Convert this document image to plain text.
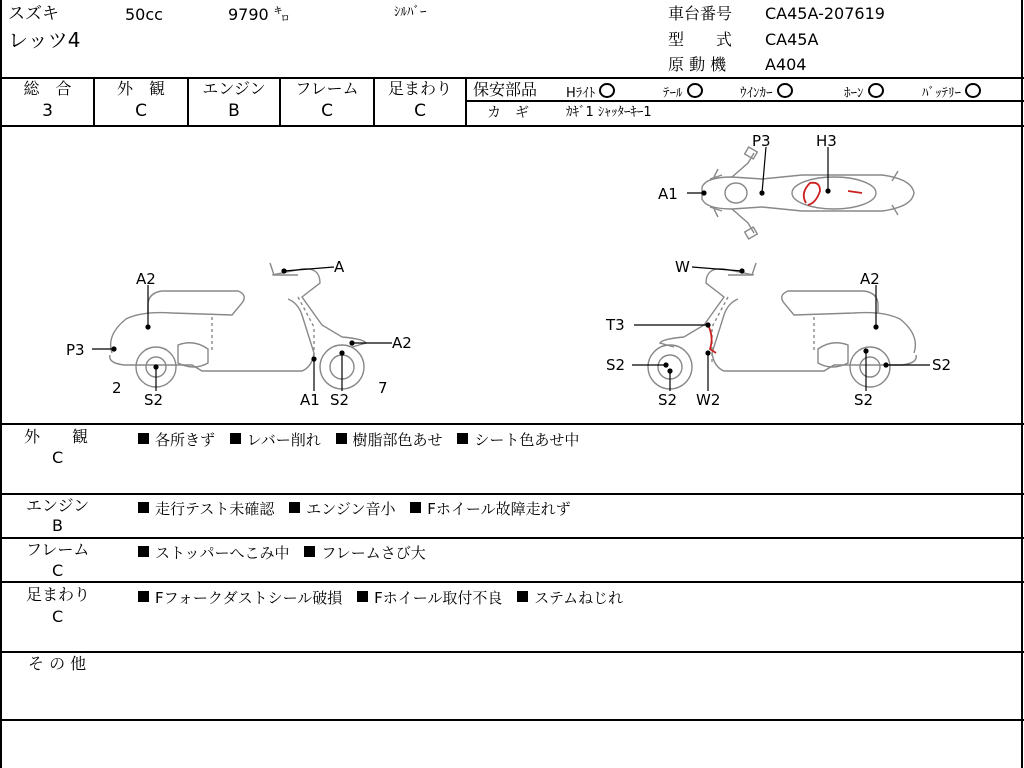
スズキ
レッツ4
50cc	9790 ㌔	ｼﾙﾊﾞｰ	車台番号 CA45A-207619
型　　式 CA45A
原 動 機 A404
総　合
3
外　観
C
エンジン
B
フレーム
C
足まわり
C
保安部品 Hﾗｲﾄ	ﾃｰﾙ	ｳｲﾝｶｰ	ﾎｰﾝ	ﾊﾞｯﾃﾘｰ
カ　ギ	ｶｷﾞ1 ｼｬｯﾀｰｷｰ1
P3	H3
A1
A
A2
P3	A2
2
S2	A1 S2
7
W
A2
T3
S2
S2
S2
W2	S2
外　　観
C
各所きず レバー削れ 樹脂部色あせ シート色あせ中
エンジン
B
走行テスト未確認 エンジン音小 Fホイール故障走れず
フレーム
C
ストッパーへこみ中 フレームさび大
足まわり
C
Fフォークダストシール破損 Fホイール取付不良 ステムねじれ
そ の 他
